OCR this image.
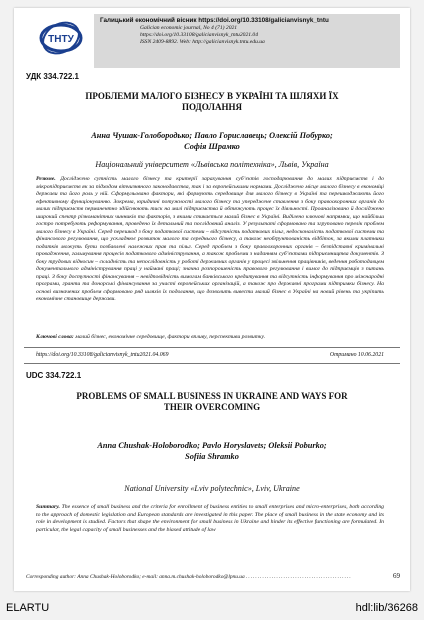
ТНТУ
Галицький економічний вісник https://doi.org/10.33108/galicianvisnyk_tntu
Galician economic journal, No 4 (71) 2021
https://doi.org/10.33108/galicianvisnyk_tntu2021.04
ISSN 2409-8892. Web: http://galicianvisnyk.tntu.edu.ua
УДК 334.722.1
ПРОБЛЕМИ МАЛОГО БІЗНЕСУ В УКРАЇНІ ТА ШЛЯХИ ЇХ
ПОДОЛАННЯ
Анна Чушак-Голобородько; Павло Гориславець; Олексій Побурко;
Софія Шрамко
Національний університет «Львівська політехніка», Львів, Україна

Резюме. Досліджено сутність малого бізнесу та критерії зарахування суб’єктів господарювання до малих підприємств і до мікропідприємств як за підходом вітчизняного законодавства, так і за європейськими нормами. Досліджено місце малого бізнесу в економіці держави та його роль у ній. Сформульовано фактори, які формують середовище для малого бізнесу в Україні та перешкоджають його ефективному функціонуванню. Зокрема, юридичні потужності малого бізнесу та упереджене ставлення з боку правоохоронних органів до малих підприємств перманентно здійснюють тиск на малі підприємства й обтяжують процес їх діяльності. Проаналізовано й досліджено широкий спектр різноманітних чинників та факторів, з якими стикається малий бізнес в Україні. Виділено ключові напрямки, що найбільш гостро потребують реформування, проведено їх детальний та послідовний аналіз. У результаті сформовано та згруповано перелік проблем малого бізнесу в Україні. Серед перешкод з боку податкової системи – відсутність податкових пільг, недосконалість податкової системи та фінансового регулювання, що ускладнює розвиток малого та середнього бізнесу, а також необґрунтованість відбіток, за якими платники податків можуть бути позбавлені належних прав та пільг. Серед проблем з боку правоохоронних органів – безпідставні кримінальні провадження, гальмування процесів податкового адміністрування, а також проблеми з наданням суб’єктами підприємництва документів. З боку трудових відносин – складність та непослідовність у роботі державних органів у процесі звільнення працівників, ведення роботодавцем документального адміністрування праці у наймані праці; значна розпорошеність правового регулювання і вимог до підприємців з питань праці. З боку доступності фінансування – невідповідність вимогам банківського кредитування та відсутність інформування про міжнародні програми, гранти та донорські фінансування за участі європейських організацій, а також про державні програми підтримки бізнесу. На основі визначених проблем сформовано ряд шляхів їх подолання, що дозволить вивести малий бізнес в Україні на новий рівень та укріпить економічне становище держави.

Ключові слова: малий бізнес, економічне середовище, фактори впливу, перспективи розвитку.

https://doi.org/10.33108/galicianvisnyk_tntu2021.04.069	Отримано 10.06.2021
UDC 334.722.1
PROBLEMS OF SMALL BUSINESS IN UKRAINE AND WAYS FOR
THEIR OVERCOMING
Anna Chushak-Holoborodko; Pavlo Horyslavets; Oleksii Poburko;
Sofiia Shramko
National University «Lviv polytechnic», Lviv, Ukraine

Summary. The essence of small business and the criteria for enrollment of business entities to small enterprises and micro-enterprises, both according to the approach of domestic legislation and European standards are investigated in this paper. The place of small business in the state economy and its role in development is studied. Factors that shape the environment for small business in Ukraine and hinder its effective functioning are formulated. In particular, the legal capacity of small businesses and the biased attitude of law

Corresponding author: Anna Chushak-Holoborodko; e-mail: anna.m.chushak-holoborodko@lpnu.ua .............................................	69
ELARTU	hdl:lib/36268
